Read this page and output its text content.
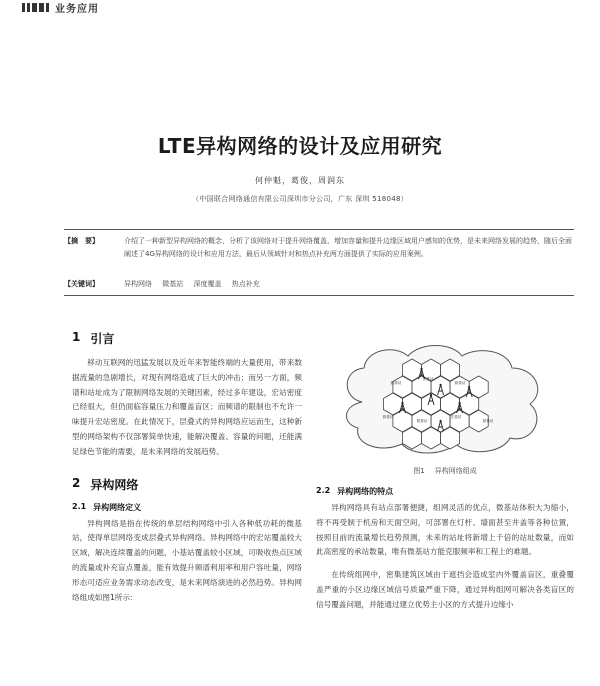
业务应用
LTE异构网络的设计及应用研究
何仲魁，葛俊，周润东
（中国联合网络通信有限公司深圳市分公司，广东 深圳 518048）
【摘　要】	介绍了一种新型异构网络的概念，分析了该网络对于提升网络覆盖、增加容量和提升边缘区域用户感知的优势，是未来网络发展的趋势，随后全面阐述了4G异构网络的设计和应用方法，最后从领域针对和热点补充两方面提供了实际的应用案例。
【关键词】	异构网络 微基站 深度覆盖 热点补充
1 引言

移动互联网的迅猛发展以及近年来智能终端的大量使用，带来数据流量的急剧增长，对现有网络造成了巨大的冲击；而另一方面，频谱和站址成为了限制网络发展的关键因素，经过多年建设，宏站密度已经很大，但仍面临容量压力和覆盖盲区；而频谱的限制也不允许一味提升宏站密度。在此情况下，层叠式的异构网络应运而生，这种新型的网络架构不仅部署简单快速，能解决覆盖、容量的问题，还能满足绿色节能的需要，是未来网络的发展趋势。

2 异构网络
2.1 异构网络定义

异构网络是指在传统的单层结构网络中引入各种低功耗的微基站，使得单层网络变成层叠式异构网络。异构网络中的宏站覆盖较大区域，解决连续覆盖的问题，小基站覆盖较小区域，可吸收热点区域的流量或补充盲点覆盖，能有效提升频谱利用率和用户容吐量，网络形态可适应业务需求动态改变，是未来网络演进的必然趋势。异构网络组成如图1所示：

微基站
宏基站
微基站
微基站
微基站
宏基站
微基站
图1 异构网络组成
2.2 异构网络的特点

异构网络具有站点部署便捷，组网灵活的优点，微基站体积大为缩小，将不再受制于机房和天面空间，可部署在灯杆、墙面甚至井盖等各种位置，按照目前的流量增长趋势预测，未来的站址将新增上千倍的站址数量，而如此高密度的承站数量，唯有微基站方能克服频率和工程上的难题。

在传统组网中，密集建筑区域由于遮挡会造成室内外覆盖盲区，重叠覆盖严重的小区边缘区域信号质量严重下降，通过异构组网可解决各类盲区的信号覆盖问题，并能通过建立优势主小区的方式提升边缘小
